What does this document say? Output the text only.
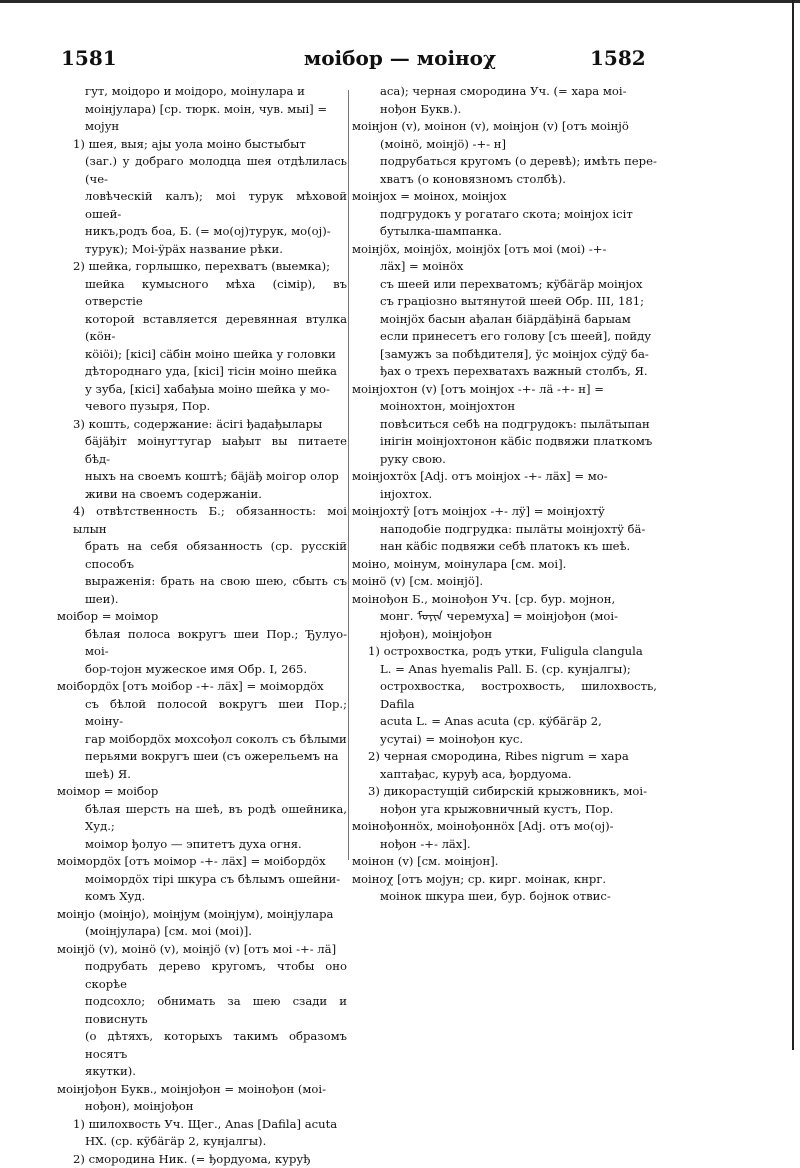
1581	моiбор — моiноχ	1582

гут, моiдоро и моiдоро, моiнулара и

моiнjулара) [ср. тюрк. моiн, чув. мыi] =

мојун

1) шея, выя; ајы уола моiно быстыбыт

(заг.) у добраго молодца шея отдѣлилась (че-

ловѣческiй калъ); моi турук мѣховой ошей-

никъ,родъ боа, Б. (= мо(ој)турук, мо(ој)-

турук); Моi-ÿрäх название рѣки.

2) шейка, горлышко, перехватъ (выемка);

шейка кумысного мѣха (сiмiр), въ отверстiе

которой вставляется деревянная втулка (кöн-

кöiöi); [кiсi] сäбiн моiно шейка у головки

дѣтороднаго уда, [кiсi] тiсiн моiно шейка

у зуба, [кiсi] хабађыа моiно шейка у мо-

чевого пузыря, Пор.

3) кошть, содержание: äсiгi ђадађылары

бäjäђiт моiнугтугар ыађыт вы питаете бѣд-

ныхъ на своемъ коштѣ; бäjäђ моiгор олор

живи на своемъ содержанiи.

4) отвѣтственность Б.; обязанность: моi ылын

брать на себя обязанность (ср. русскiй способъ

выраженiя: брать на свою шею, сбыть съ шеи).

моiбор = моiмор

бѣлая полоса вокругъ шеи Пор.; Ђулуо-моi-

бор-тојон мужеское имя Обр. I, 265.

моiбордöх [отъ моiбор -+- лäх] = моiмордöх

съ бѣлой полосой вокругъ шеи Пор.; моiну-

гар моiбордöх мохсођол соколъ съ бѣлыми

перьями вокругъ шеи (съ ожерельемъ на

шеѣ) Я.

моiмор = моiбор

бѣлая шерсть на шеѣ, въ родѣ ошейника, Худ.;

моiмор ђолуо — эпитетъ духа огня.

моiмордöх [отъ моiмор -+- лäх] = моiбордöх

моiмордöх тiрi шкура съ бѣлымъ ошейни-

комъ Худ.

моiнjо (моiнjо), моiнjум (моiнjум), моiнjулара

(моiнjулара) [см. моi (моi)].

моiнjö (v), моiнö (v), моiнjö (v) [отъ моi -+- лä]

подрубать дерево кругомъ, чтобы оно скорѣе

подсохло; обнимать за шею сзади и повиснуть

(о дѣтяхъ, которыхъ такимъ образомъ носятъ

якутки).

моiнjођон Букв., моiнjођон = моiнођон (моi-

нођон), моiнjођон

1) шилохвость Уч. Щег., Anas [Dafila] acuta

НХ. (ср. кÿбäгäр 2, кунjалгы).

2) смородина Ник. (= ђордуома, куруђ

аса); черная смородина Уч. (= хара моi-

нођон Букв.).

моiнjон (v), моiнон (v), моiнjон (v) [отъ моiнjö

(моiнö, моiнjö) -+- н]

подрубаться кругомъ (о деревѣ); имѣть пере-

хватъ (о коновязномъ столбѣ).

моiнjох = моiнох, моiнjох

подгрудокъ у рогатаго скота; моiнjох iсiт

бутылка-шампанка.

моiнjöх, моiнjöх, моiнjöх [отъ моi (моi) -+-

лäх] = моiнöх

съ шеей или перехватомъ; кÿбäгäр моiнjох

съ грацiозно вытянутой шеей Обр. III, 181;

моiнjöх басын ађалан бiäрдäђiнä барыам

если принесетъ его голову [съ шеей], пойду

[замужъ за побѣдителя], ÿс моiнjох сÿдÿ ба-

ђах о трехъ перехватахъ важный столбъ, Я.

моiнjохтон (v) [отъ моiнjох -+- лä -+- н] =

моiнохтон, моiнjохтон

повѣситься себѣ на подгрудокъ: пылäтыпан

iнiгiн моiнjохтонон кäбiс подвяжи платкомъ

руку свою.

моiнjохтöх [Adj. отъ моiнjох -+- лäх] = мо-

iнjохтох.

моiнjохтÿ [отъ моiнjох -+- лÿ] = моiнjохтÿ

наподобiе подгрудка: пылäты моiнjохтÿ бä-

нан кäбiс подвяжи себѣ платокъ къ шеѣ.

моiно, моiнум, моiнулара [см. моi].

моiнö (v) [см. моiнjö].

моiнођон Б., моiнођон Уч. [ср. бур. моjнон,

монг. ᠮᠣᠶᠢᠨ черемуха] = моiнjођон (моi-

нjођон), моiнjођон

1) острохвостка, родъ утки, Fuligula clangula

L. = Anas hyemalis Pall. Б. (ср. кунjалгы);

острохвостка, вострохвость, шилохвость, Dafila

acuta L. = Anas acuta (ср. кÿбäгäр 2,

усутаi) = моiнођон кус.

2) черная смородина, Ribes nigrum = хара

хаптађас, куруђ аса, ђордуома.

3) дикорастущiй сибирскiй крыжовникъ, моi-

нођон уга крыжовничный кустъ, Пор.

моiнођоннöх, моiнођоннöх [Adj. отъ мо(ој)-

нођон -+- лäх].

моiнон (v) [см. моiнjон].

моiноχ [отъ мојун; ср. кирг. моiнак, кнрг.

моiнок шкура шеи, бур. бојнок отвис-
